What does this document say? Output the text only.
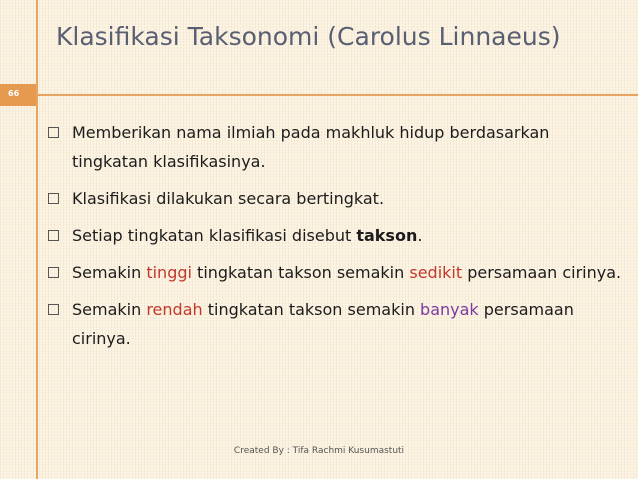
Klasifikasi Taksonomi (Carolus Linnaeus)
66
Memberikan nama ilmiah pada makhluk hidup berdasarkan tingkatan klasifikasinya.
Klasifikasi dilakukan secara bertingkat.
Setiap tingkatan klasifikasi disebut takson.
Semakin tinggi tingkatan takson semakin sedikit persamaan cirinya.
Semakin rendah tingkatan takson semakin banyak persamaan cirinya.
Created By : Tifa Rachmi Kusumastuti
